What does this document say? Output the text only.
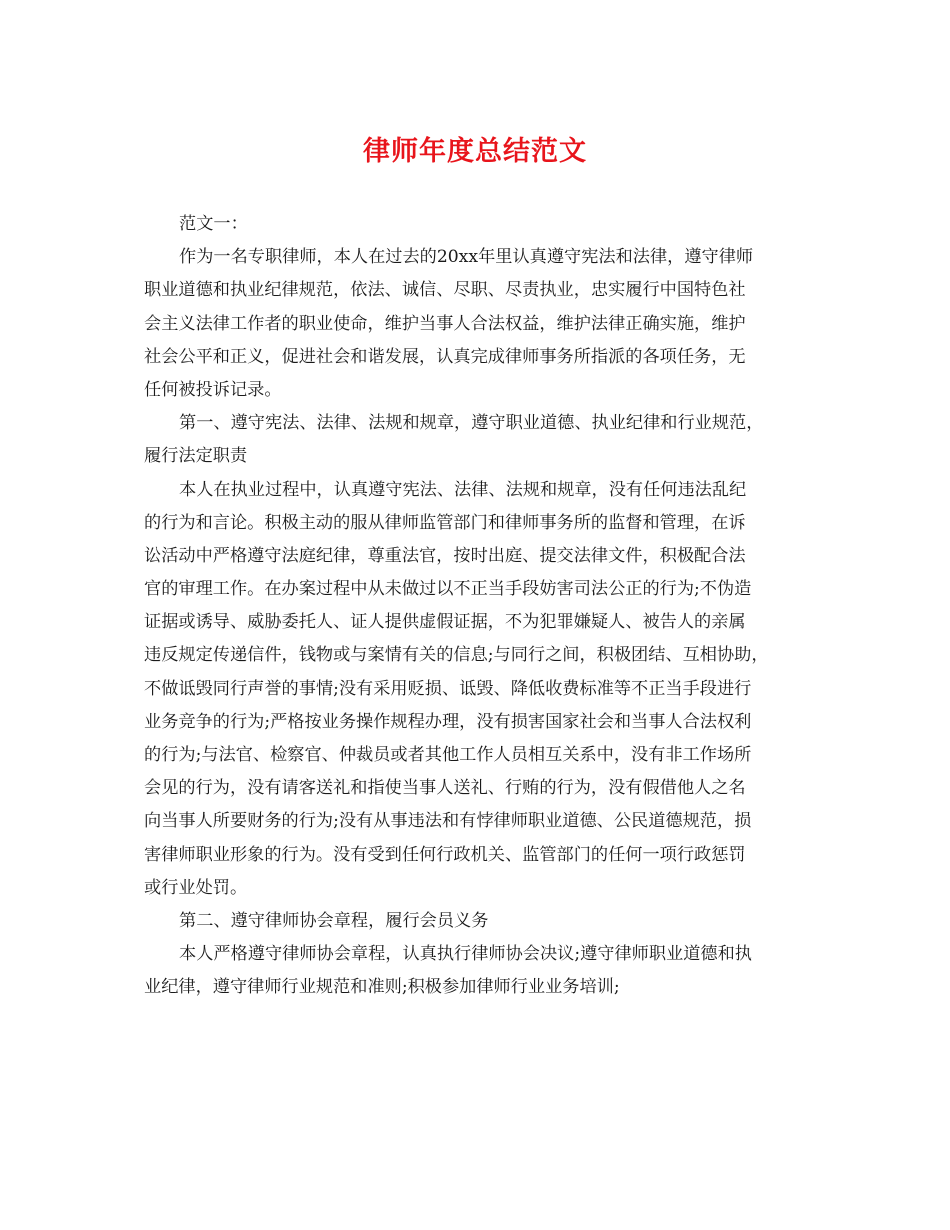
律师年度总结范文
范文一：
作为一名专职律师，本人在过去的20xx年里认真遵守宪法和法律，遵守律师
职业道德和执业纪律规范，依法、诚信、尽职、尽责执业，忠实履行中国特色社
会主义法律工作者的职业使命，维护当事人合法权益，维护法律正确实施，维护
社会公平和正义，促进社会和谐发展，认真完成律师事务所指派的各项任务，无
任何被投诉记录。
第一、遵守宪法、法律、法规和规章，遵守职业道德、执业纪律和行业规范，
履行法定职责
本人在执业过程中，认真遵守宪法、法律、法规和规章，没有任何违法乱纪
的行为和言论。积极主动的服从律师监管部门和律师事务所的监督和管理，在诉
讼活动中严格遵守法庭纪律，尊重法官，按时出庭、提交法律文件，积极配合法
官的审理工作。在办案过程中从未做过以不正当手段妨害司法公正的行为;不伪造
证据或诱导、威胁委托人、证人提供虚假证据，不为犯罪嫌疑人、被告人的亲属
违反规定传递信件，钱物或与案情有关的信息;与同行之间，积极团结、互相协助，
不做诋毁同行声誉的事情;没有采用贬损、诋毁、降低收费标准等不正当手段进行
业务竞争的行为;严格按业务操作规程办理，没有损害国家社会和当事人合法权利
的行为;与法官、检察官、仲裁员或者其他工作人员相互关系中，没有非工作场所
会见的行为，没有请客送礼和指使当事人送礼、行贿的行为，没有假借他人之名
向当事人所要财务的行为;没有从事违法和有悖律师职业道德、公民道德规范，损
害律师职业形象的行为。没有受到任何行政机关、监管部门的任何一项行政惩罚
或行业处罚。
第二、遵守律师协会章程，履行会员义务
本人严格遵守律师协会章程，认真执行律师协会决议;遵守律师职业道德和执
业纪律，遵守律师行业规范和准则;积极参加律师行业业务培训;
